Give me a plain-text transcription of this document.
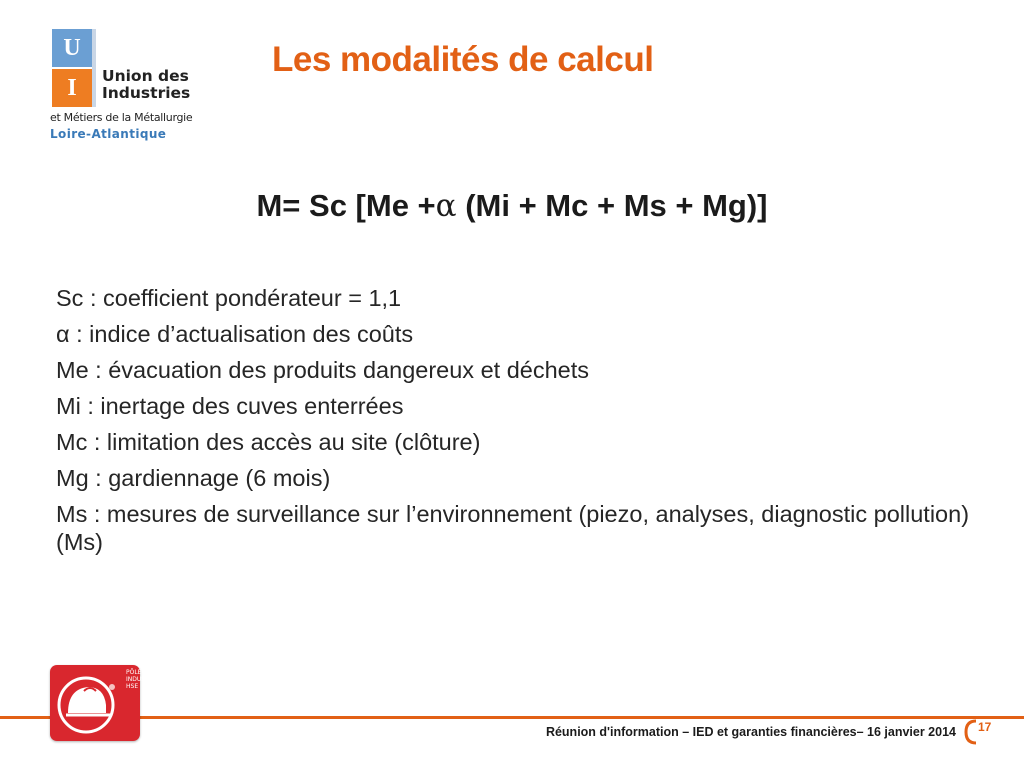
U
I	Union des
Industries
et Métiers de la Métallurgie
Loire-Atlantique
Les modalités de calcul
M= Sc [Me +α (Mi + Mc + Ms + Mg)]
Sc : coefficient pondérateur = 1,1
α : indice d’actualisation des coûts
Me : évacuation des produits dangereux et déchets
Mi : inertage des cuves enterrées
Mc : limitation des accès au site (clôture)
Mg : gardiennage (6 mois)
Ms : mesures de surveillance sur l’environnement (piezo, analyses, diagnostic pollution) (Ms)
PÔLE INDUSTRIEL HSE
Réunion d'information – IED et garanties financières– 16 janvier 2014 17
